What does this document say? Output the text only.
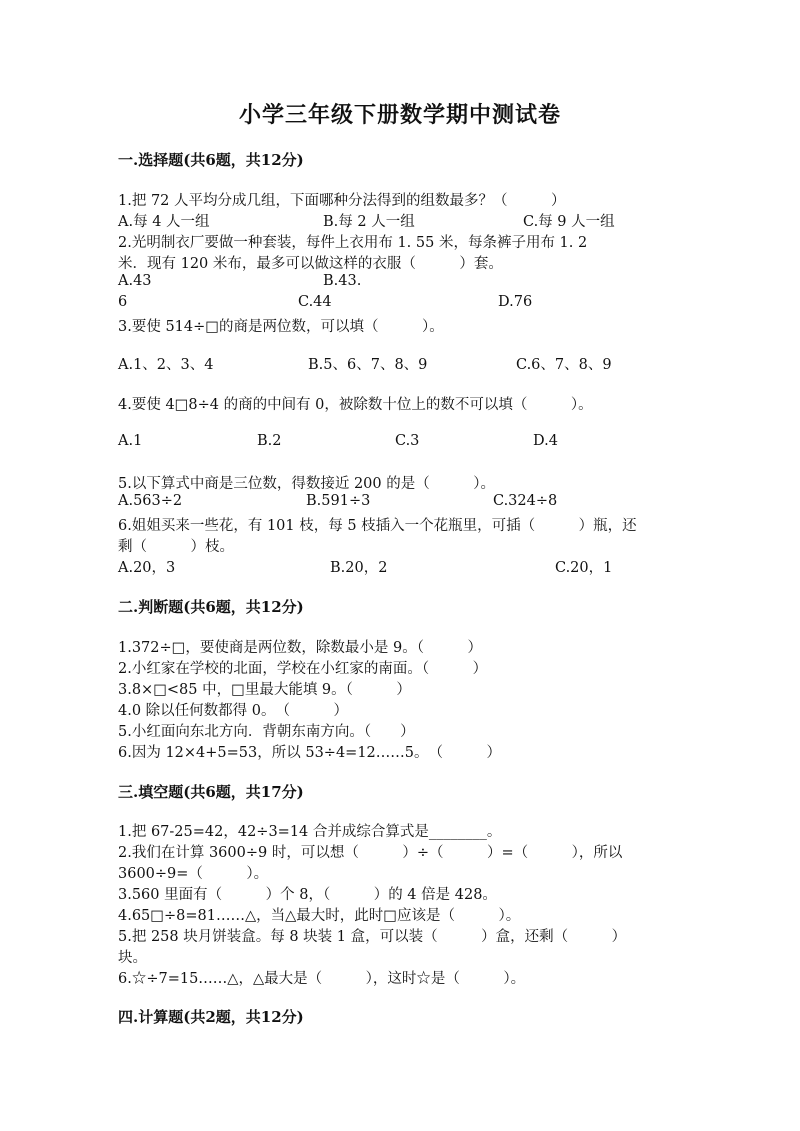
小学三年级下册数学期中测试卷
一.选择题(共6题，共12分)
1.把 72 人平均分成几组，下面哪种分法得到的组数最多？（　　　）
A.每 4 人一组	B.每 2 人一组	C.每 9 人一组
2.光明制衣厂要做一种套装，每件上衣用布 1. 55 米，每条裤子用布 1. 2
米．现有 120 米布，最多可以做这样的衣服（　　　）套。
A.43	B.43.
6	C.44	D.76
3.要使 514÷□的商是两位数，可以填（　　　）。
A.1、2、3、4	B.5、6、7、8、9	C.6、7、8、9
4.要使 4□8÷4 的商的中间有 0，被除数十位上的数不可以填（　　　）。
A.1	B.2	C.3	D.4
5.以下算式中商是三位数，得数接近 200 的是（　　　）。
A.563÷2	B.591÷3	C.324÷8
6.姐姐买来一些花，有 101 枝，每 5 枝插入一个花瓶里，可插（　　　）瓶，还
剩（　　　）枝。
A.20，3	B.20，2	C.20，1
二.判断题(共6题，共12分)
1.372÷□，要使商是两位数，除数最小是 9。（　　　）
2.小红家在学校的北面，学校在小红家的南面。（　　　）
3.8×□<85 中，□里最大能填 9。（　　　）
4.0 除以任何数都得 0。　（　　　）
5.小红面向东北方向．背朝东南方向。（　　）
6.因为 12×4+5=53，所以 53÷4=12……5。　（　　　）
三.填空题(共6题，共17分)
1.把 67-25=42，42÷3=14 合并成综合算式是________。
2.我们在计算 3600÷9 时，可以想（　　　）÷（　　　）=（　　　），所以
3600÷9=（　　　）。
3.560 里面有（　　　）个 8，（　　　）的 4 倍是 428。
4.65□÷8=81……△，当△最大时，此时□应该是（　　　）。
5.把 258 块月饼装盒。每 8 块装 1 盒，可以装（　　　）盒，还剩（　　　）
块。
6.☆÷7=15……△，△最大是（　　　），这时☆是（　　　）。
四.计算题(共2题，共12分)
